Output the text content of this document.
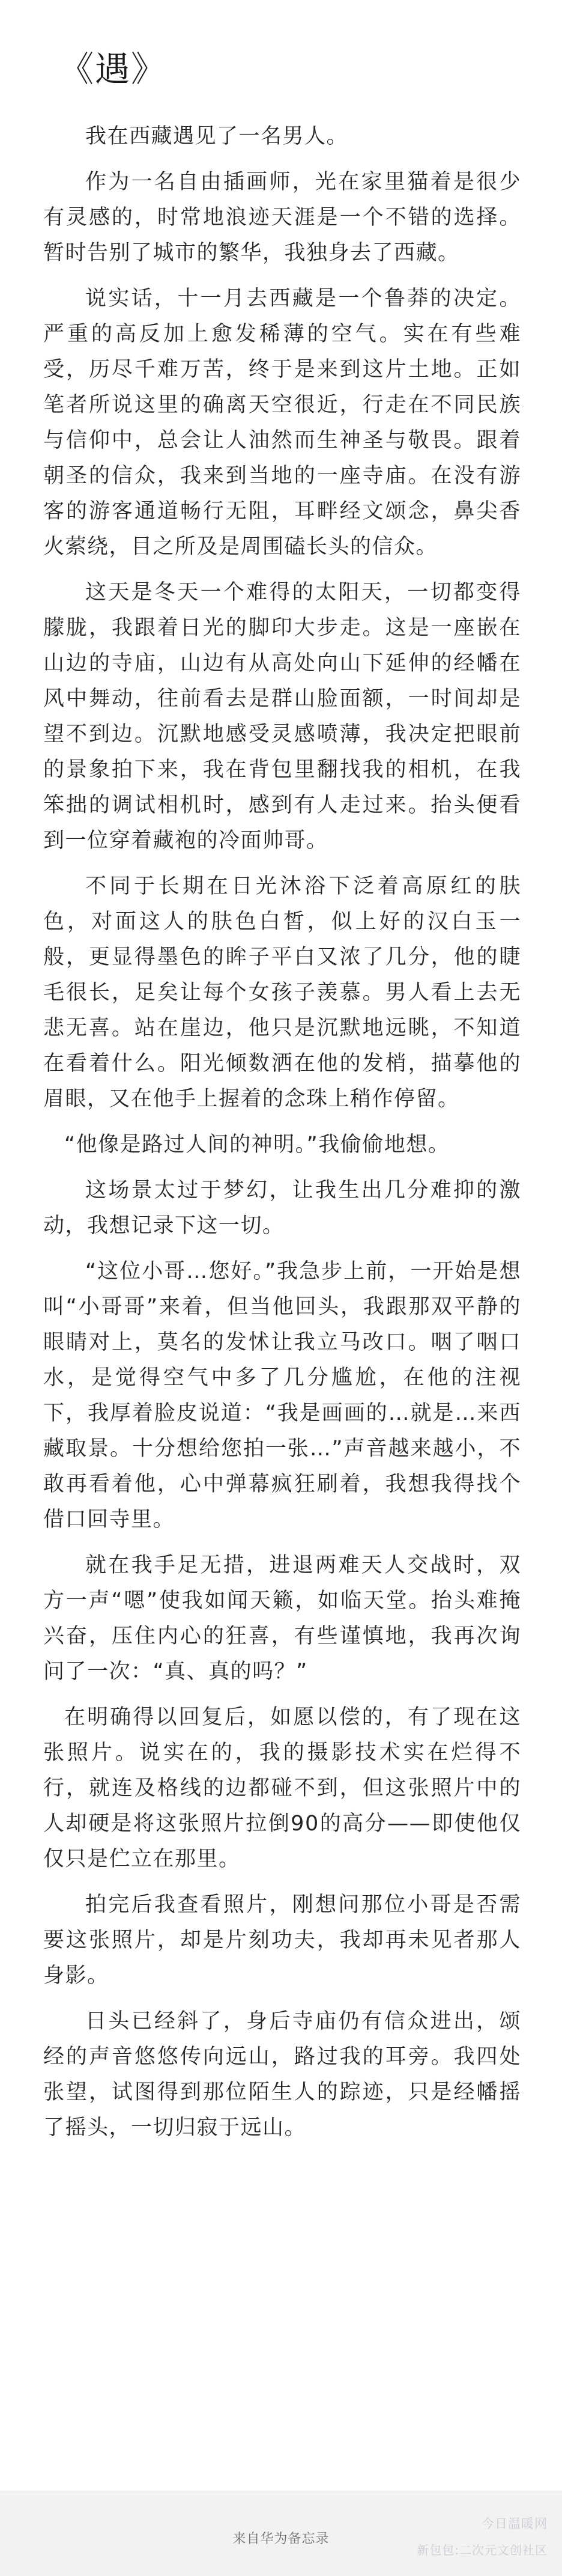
《遇》

我在西藏遇见了一名男人。

作为一名自由插画师，光在家里猫着是很少有灵感的，时常地浪迹天涯是一个不错的选择。暂时告别了城市的繁华，我独身去了西藏。

说实话，十一月去西藏是一个鲁莽的决定。严重的高反加上愈发稀薄的空气。实在有些难受，历尽千难万苦，终于是来到这片土地。正如笔者所说这里的确离天空很近，行走在不同民族与信仰中，总会让人油然而生神圣与敬畏。跟着朝圣的信众，我来到当地的一座寺庙。在没有游客的游客通道畅行无阻，耳畔经文颂念，鼻尖香火萦绕，目之所及是周围磕长头的信众。

这天是冬天一个难得的太阳天，一切都变得朦胧，我跟着日光的脚印大步走。这是一座嵌在山边的寺庙，山边有从高处向山下延伸的经幡在风中舞动，往前看去是群山脸面额，一时间却是望不到边。沉默地感受灵感喷薄，我决定把眼前的景象拍下来，我在背包里翻找我的相机，在我笨拙的调试相机时，感到有人走过来。抬头便看到一位穿着藏袍的冷面帅哥。

不同于长期在日光沐浴下泛着高原红的肤色，对面这人的肤色白皙，似上好的汉白玉一般，更显得墨色的眸子平白又浓了几分，他的睫毛很长，足矣让每个女孩子羡慕。男人看上去无悲无喜。站在崖边，他只是沉默地远眺，不知道在看着什么。阳光倾数洒在他的发梢，描摹他的眉眼，又在他手上握着的念珠上稍作停留。

“他像是路过人间的神明。”我偷偷地想。

这场景太过于梦幻，让我生出几分难抑的激动，我想记录下这一切。

“这位小哥…您好。”我急步上前，一开始是想叫“小哥哥”来着，但当他回头，我跟那双平静的眼睛对上，莫名的发怵让我立马改口。咽了咽口水，是觉得空气中多了几分尴尬，在他的注视下，我厚着脸皮说道：“我是画画的…就是…来西藏取景。十分想给您拍一张…”声音越来越小，不敢再看着他，心中弹幕疯狂刷着，我想我得找个借口回寺里。

就在我手足无措，进退两难天人交战时，双方一声“嗯”使我如闻天籁，如临天堂。抬头难掩兴奋，压住内心的狂喜，有些谨慎地，我再次询问了一次：“真、真的吗？”

在明确得以回复后，如愿以偿的，有了现在这张照片。说实在的，我的摄影技术实在烂得不行，就连及格线的边都碰不到，但这张照片中的人却硬是将这张照片拉倒90的高分——即使他仅仅只是伫立在那里。

拍完后我查看照片，刚想问那位小哥是否需要这张照片，却是片刻功夫，我却再未见者那人身影。

日头已经斜了，身后寺庙仍有信众进出，颂经的声音悠悠传向远山，路过我的耳旁。我四处张望，试图得到那位陌生人的踪迹，只是经幡摇了摇头，一切归寂于远山。

来自华为备忘录
今日温暖网
新包包:二次元文创社区
